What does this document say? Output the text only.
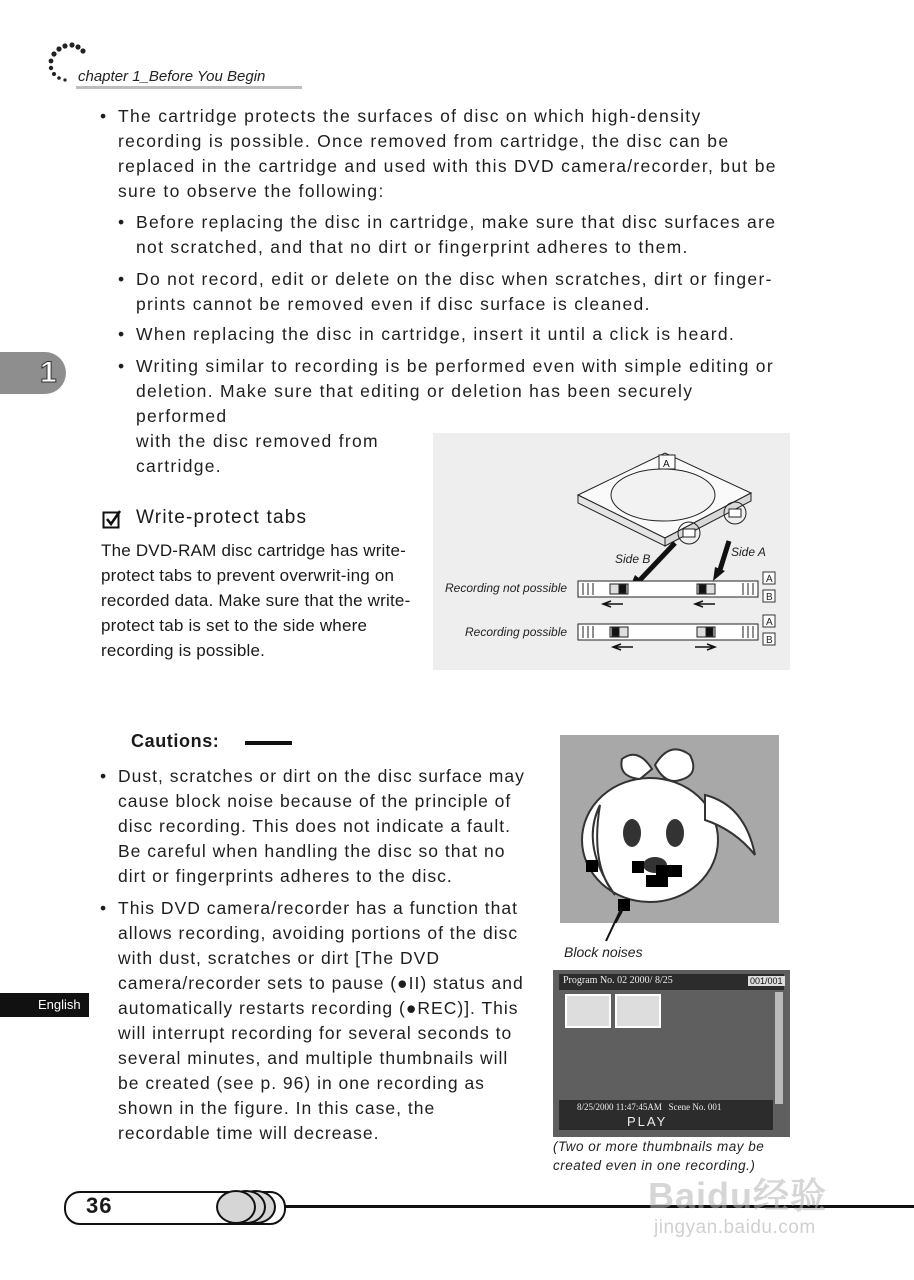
chapter 1_Before You Begin
1
English
• The cartridge protects the surfaces of disc on which high-density recording is possible. Once removed from cartridge, the disc can be replaced in the cartridge and used with this DVD camera/recorder, but be sure to observe the following:
• Before replacing the disc in cartridge, make sure that disc surfaces are not scratched, and that no dirt or fingerprint adheres to them.
• Do not record, edit or delete on the disc when scratches, dirt or finger-prints cannot be removed even if disc surface is cleaned.
• When replacing the disc in cartridge, insert it until a click is heard.
• Writing similar to recording is be performed even with simple editing or deletion. Make sure that editing or deletion has been securely performed
with the disc removed from cartridge.
Write-protect tabs
The DVD-RAM disc cartridge has write-protect tabs to prevent overwrit-ing on recorded data. Make sure that the write-protect tab is set to the side where recording is possible.
A
Side B	Side A
Recording not possible
A
B
Recording possible
A
B
Cautions:
• Dust, scratches or dirt on the disc surface may cause block noise because of the principle of disc recording. This does not indicate a fault. Be careful when handling the disc so that no dirt or fingerprints adheres to the disc.
• This DVD camera/recorder has a function that allows recording, avoiding portions of the disc with dust, scratches or dirt [The DVD camera/recorder sets to pause (●II) status and automatically restarts recording (●REC)]. This will interrupt recording for several seconds to several minutes, and multiple thumbnails will be created (see p. 96) in one recording as shown in the figure. In this case, the recordable time will decrease.
Block noises
Program No. 02 2000/ 8/25	001/001
8/25/2000 11:47:45AM   Scene No. 001
PLAY
(Two or more thumbnails may be created even in one recording.)
36	Baidu经验
jingyan.baidu.com
